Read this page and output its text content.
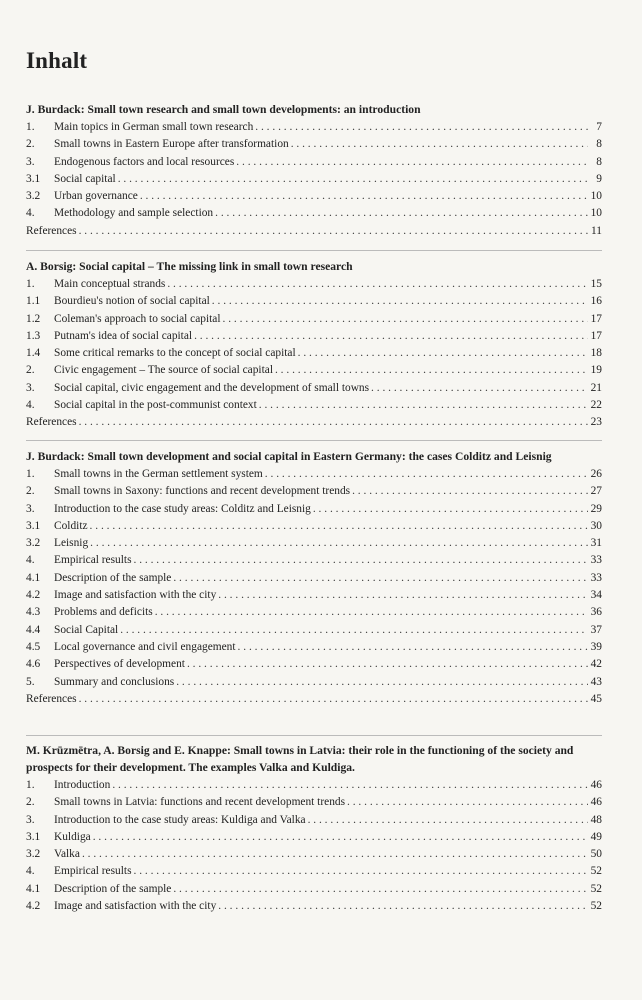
Inhalt
J. Burdack: Small town research and small town developments: an introduction
1.	Main topics in German small town research . . .	7
2.	Small towns in Eastern Europe after transformation . . .	8
3.	Endogenous factors and local resources . . .	8
3.1	Social capital . . .	9
3.2	Urban governance . . .	10
4.	Methodology and sample selection . . .	10
References . . .	11
A. Borsig: Social capital – The missing link in small town research
1.	Main conceptual strands . . .	15
1.1	Bourdieu's notion of social capital . . .	16
1.2	Coleman's approach to social capital . . .	17
1.3	Putnam's idea of social capital . . .	17
1.4	Some critical remarks to the concept of social capital . . .	18
2.	Civic engagement – The source of social capital . . .	19
3.	Social capital, civic engagement and the development of small towns . . .	21
4.	Social capital in the post-communist context . . .	22
References . . .	23
J. Burdack: Small town development and social capital in Eastern Germany: the cases Colditz and Leisnig
1.	Small towns in the German settlement system . . .	26
2.	Small towns in Saxony: functions and recent development trends . . .	27
3.	Introduction to the case study areas: Colditz and Leisnig . . .	29
3.1	Colditz . . .	30
3.2	Leisnig . . .	31
4.	Empirical results . . .	33
4.1	Description of the sample . . .	33
4.2	Image and satisfaction with the city . . .	34
4.3	Problems and deficits . . .	36
4.4	Social Capital . . .	37
4.5	Local governance and civil engagement . . .	39
4.6	Perspectives of development . . .	42
5.	Summary and conclusions . . .	43
References . . .	45
M. Krūzmētra, A. Borsig and E. Knappe: Small towns in Latvia: their role in the functioning of the society and prospects for their development. The examples Valka and Kuldiga.
1.	Introduction . . .	46
2.	Small towns in Latvia: functions and recent development trends . . .	46
3.	Introduction to the case study areas: Kuldiga and Valka . . .	48
3.1	Kuldiga . . .	49
3.2	Valka . . .	50
4.	Empirical results . . .	52
4.1	Description of the sample . . .	52
4.2	Image and satisfaction with the city . . .	52
